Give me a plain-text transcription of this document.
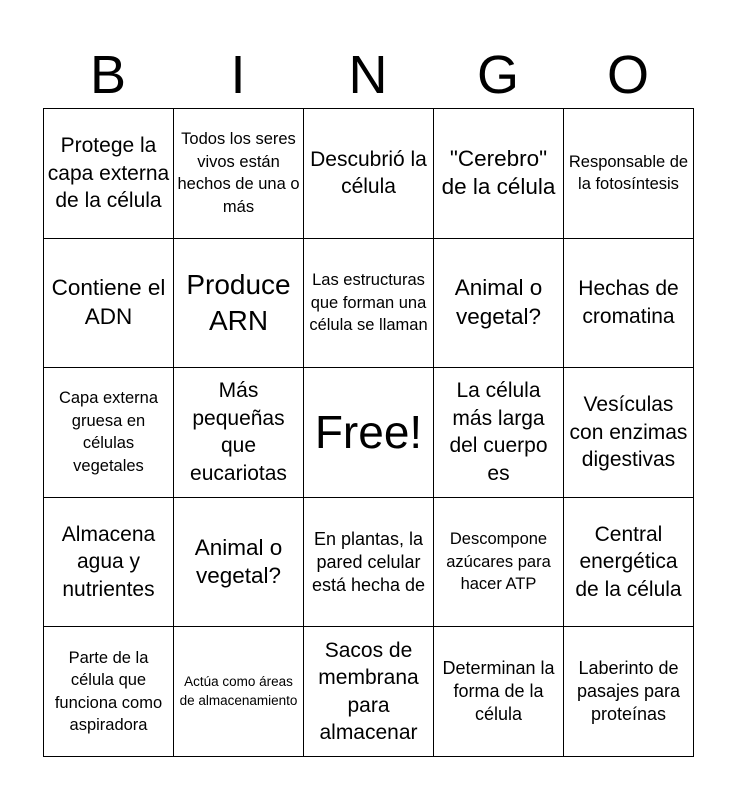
B	I	N	G	O
Protege la capa externa de la célula	Todos los seres vivos están hechos de una o más	Descubrió la célula	"Cerebro" de la célula	Responsable de la fotosíntesis
Contiene el ADN	Produce ARN	Las estructuras que forman una célula se llaman	Animal o vegetal?	Hechas de cromatina
Capa externa gruesa en células vegetales	Más pequeñas que eucariotas	Free!	La célula más larga del cuerpo es	Vesículas con enzimas digestivas
Almacena agua y nutrientes	Animal o vegetal?	En plantas, la pared celular está hecha de	Descompone azúcares para hacer ATP	Central energética de la célula
Parte de la célula que funciona como aspiradora	Actúa como áreas de almacenamiento	Sacos de membrana para almacenar	Determinan la forma de la célula	Laberinto de pasajes para proteínas
